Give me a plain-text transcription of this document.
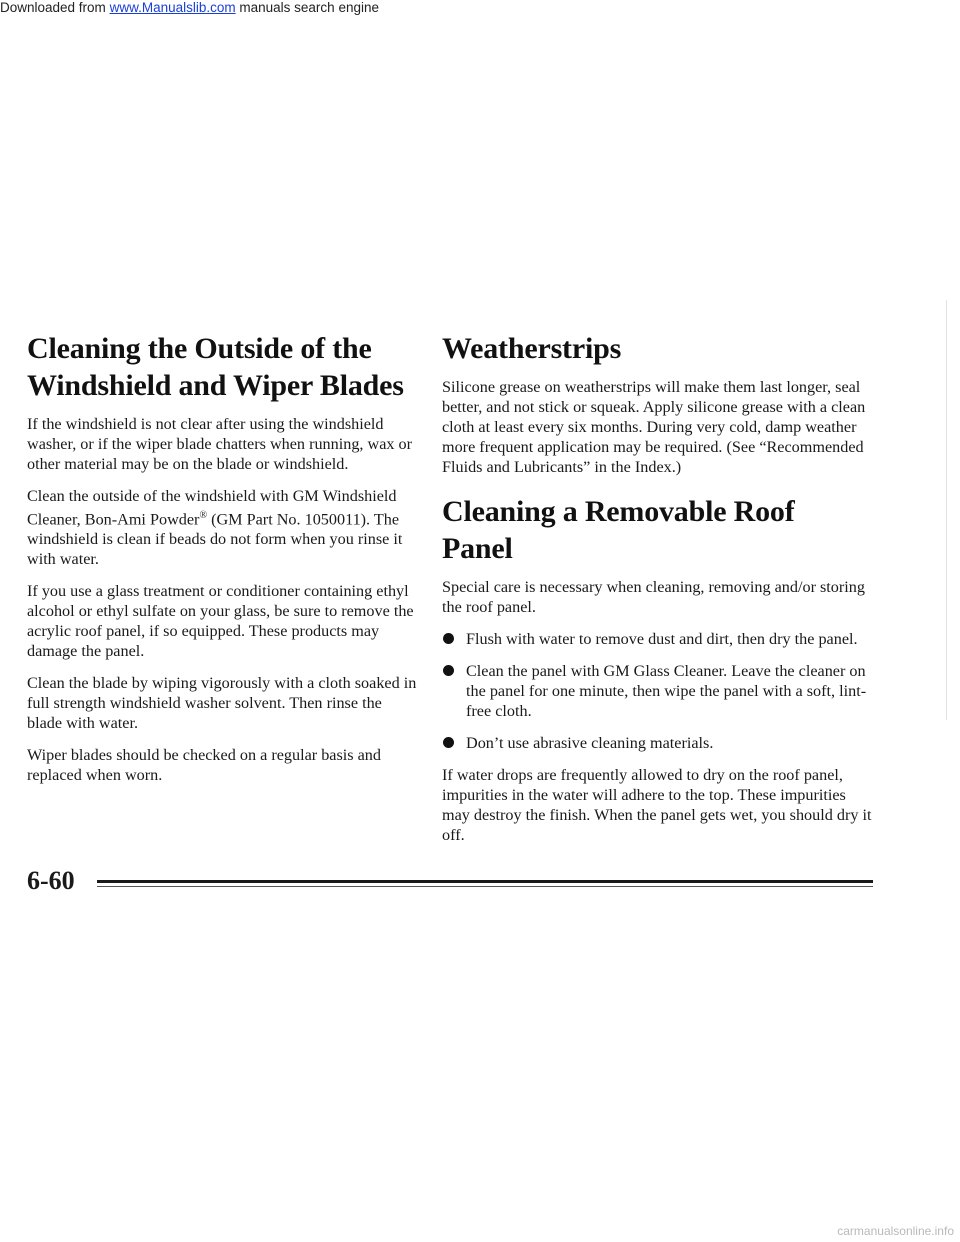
Downloaded from www.Manualslib.com manuals search engine
Cleaning the Outside of the Windshield and Wiper Blades

If the windshield is not clear after using the windshield washer, or if the wiper blade chatters when running, wax or other material may be on the blade or windshield.

Clean the outside of the windshield with GM Windshield Cleaner, Bon-Ami Powder® (GM Part No. 1050011). The windshield is clean if beads do not form when you rinse it with water.

If you use a glass treatment or conditioner containing ethyl alcohol or ethyl sulfate on your glass, be sure to remove the acrylic roof panel, if so equipped. These products may damage the panel.

Clean the blade by wiping vigorously with a cloth soaked in full strength windshield washer solvent. Then rinse the blade with water.

Wiper blades should be checked on a regular basis and replaced when worn.

Weatherstrips

Silicone grease on weatherstrips will make them last longer, seal better, and not stick or squeak. Apply silicone grease with a clean cloth at least every six months. During very cold, damp weather more frequent application may be required. (See “Recommended Fluids and Lubricants” in the Index.)

Cleaning a Removable Roof Panel

Special care is necessary when cleaning, removing and/or storing the roof panel.

Flush with water to remove dust and dirt, then dry the panel.
Clean the panel with GM Glass Cleaner. Leave the cleaner on the panel for one minute, then wipe the panel with a soft, lint-free cloth.
Don’t use abrasive cleaning materials.

If water drops are frequently allowed to dry on the roof panel, impurities in the water will adhere to the top. These impurities may destroy the finish. When the panel gets wet, you should dry it off.

6-60
carmanualsonline.info
